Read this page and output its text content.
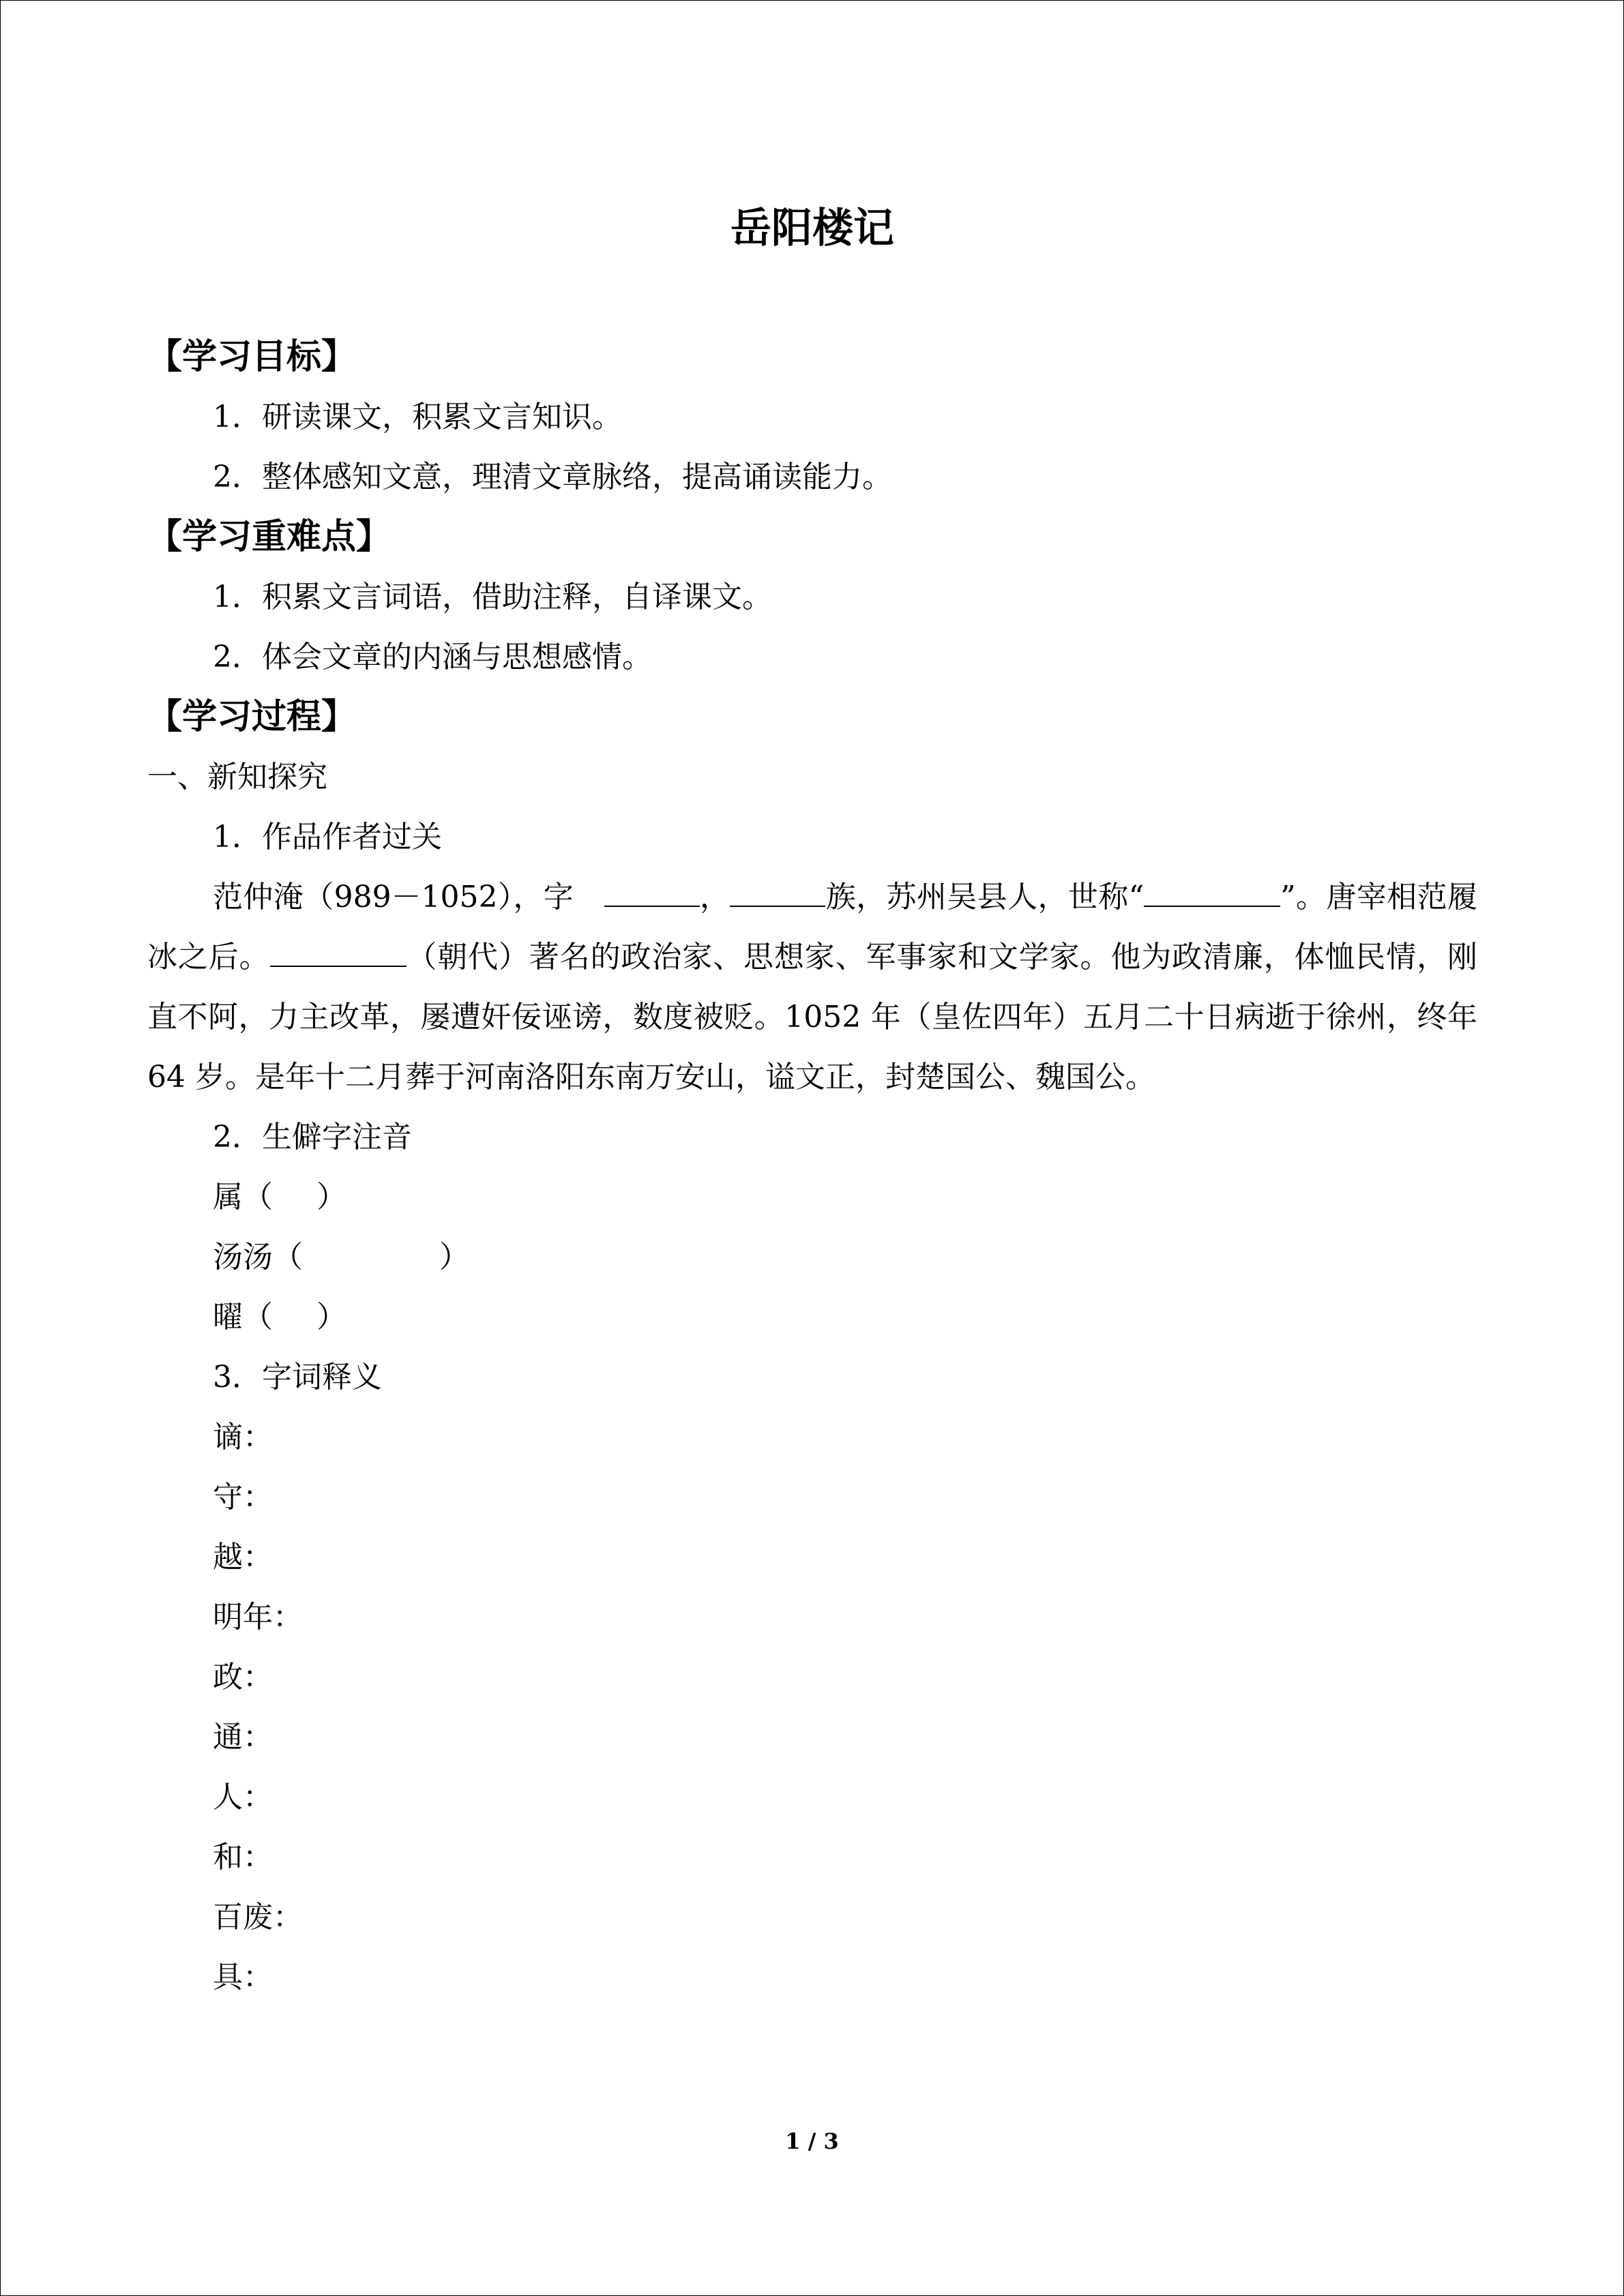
岳阳楼记
【学习目标】
1．研读课文，积累文言知识。
2．整体感知文意，理清文章脉络，提高诵读能力。
【学习重难点】
1．积累文言词语，借助注释，自译课文。
2．体会文章的内涵与思想感情。
【学习过程】
一、新知探究
1．作品作者过关

范仲淹（989－1052），字　	，	族，苏州吴县人，世称“	”。唐宰相范履冰之后。	（朝代）著名的政治家、思想家、军事家和文学家。他为政清廉，体恤民情，刚直不阿，力主改革，屡遭奸佞诬谤，数度被贬。1052 年（皇佐四年）五月二十日病逝于徐州，终年 64 岁。是年十二月葬于河南洛阳东南万安山，谥文正，封楚国公、魏国公。

2．生僻字注音
属（ ）
汤汤（	）
曜（ ）
3．字词释义
谪：
守：
越：
明年：
政：
通：
人：
和：
百废：
具：
1 / 3
